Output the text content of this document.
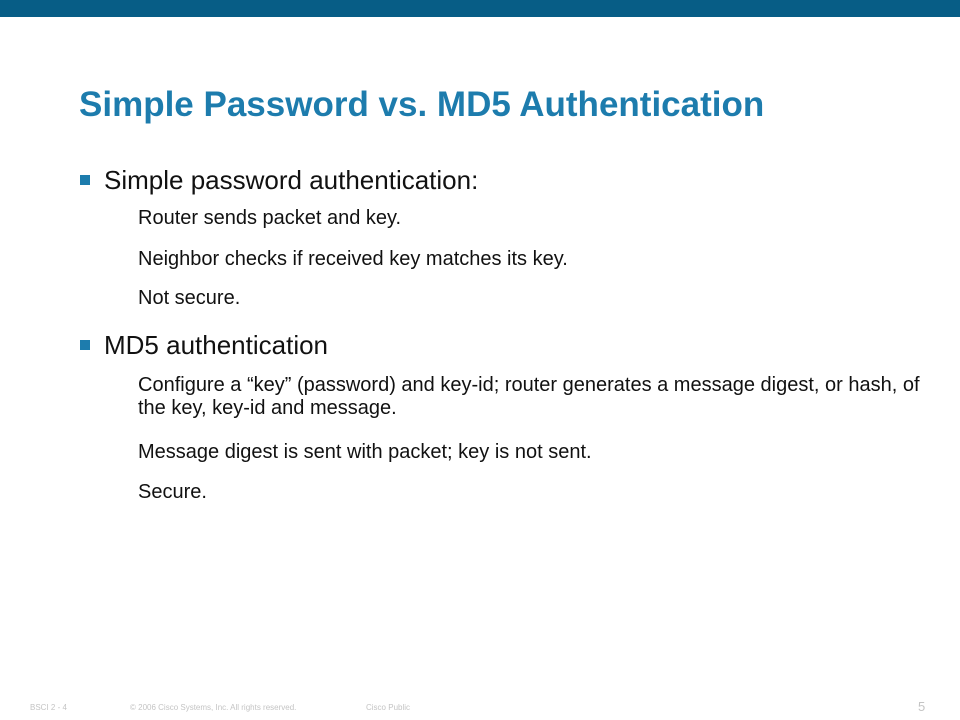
Simple Password vs. MD5 Authentication
Simple password authentication:
Router sends packet and key.
Neighbor checks if received key matches its key.
Not secure.
MD5 authentication
Configure a “key” (password) and key-id; router generates a message digest, or hash, of the key, key-id and message.
Message digest is sent with packet; key is not sent.
Secure.
BSCI 2 - 4	© 2006 Cisco Systems, Inc. All rights reserved.	Cisco Public	5
